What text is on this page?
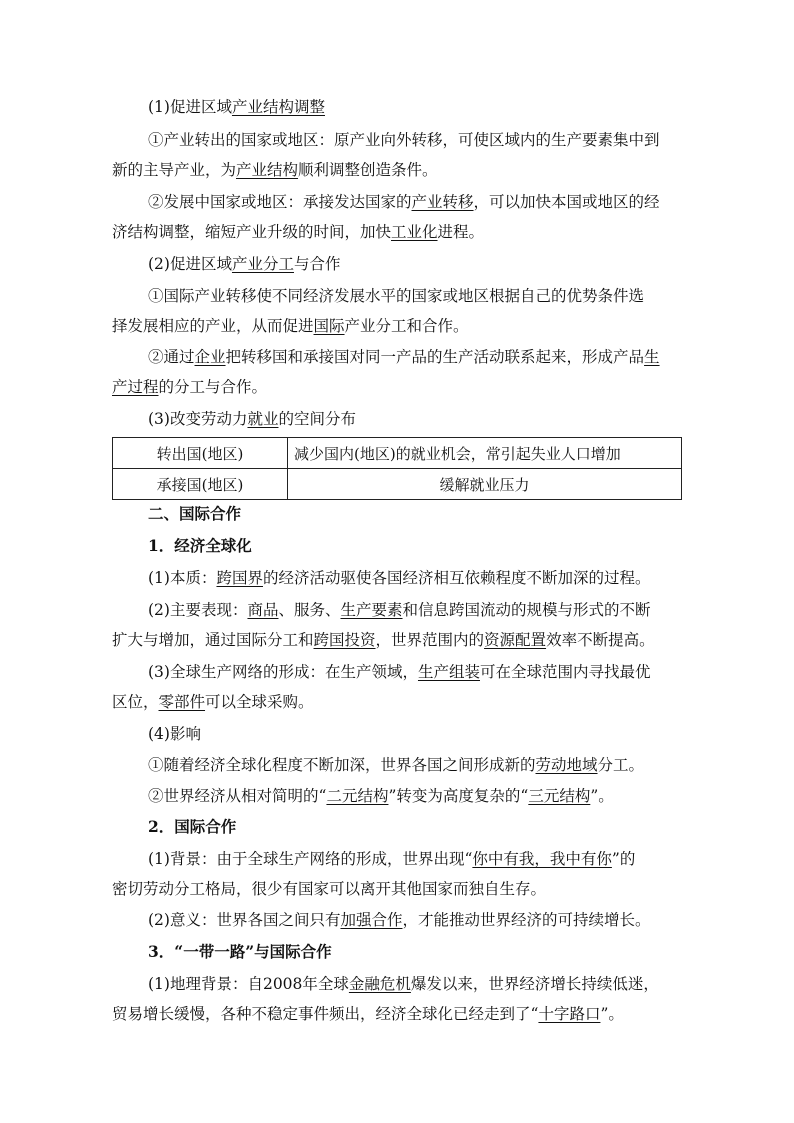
(1)促进区域产业结构调整
①产业转出的国家或地区：原产业向外转移，可使区域内的生产要素集中到
新的主导产业，为产业结构顺利调整创造条件。
②发展中国家或地区：承接发达国家的产业转移，可以加快本国或地区的经
济结构调整，缩短产业升级的时间，加快工业化进程。
(2)促进区域产业分工与合作
①国际产业转移使不同经济发展水平的国家或地区根据自己的优势条件选
择发展相应的产业，从而促进国际产业分工和合作。
②通过企业把转移国和承接国对同一产品的生产活动联系起来，形成产品生
产过程的分工与合作。
(3)改变劳动力就业的空间分布
转出国(地区)	减少国内(地区)的就业机会，常引起失业人口增加
承接国(地区)	缓解就业压力
二、国际合作
1．经济全球化
(1)本质：跨国界的经济活动驱使各国经济相互依赖程度不断加深的过程。
(2)主要表现：商品、服务、生产要素和信息跨国流动的规模与形式的不断
扩大与增加，通过国际分工和跨国投资，世界范围内的资源配置效率不断提高。
(3)全球生产网络的形成：在生产领域，生产组装可在全球范围内寻找最优
区位，零部件可以全球采购。
(4)影响
①随着经济全球化程度不断加深，世界各国之间形成新的劳动地域分工。
②世界经济从相对简明的“二元结构”转变为高度复杂的“三元结构”。
2．国际合作
(1)背景：由于全球生产网络的形成，世界出现“你中有我，我中有你”的
密切劳动分工格局，很少有国家可以离开其他国家而独自生存。
(2)意义：世界各国之间只有加强合作，才能推动世界经济的可持续增长。
3．“一带一路”与国际合作
(1)地理背景：自2008年全球金融危机爆发以来，世界经济增长持续低迷，
贸易增长缓慢，各种不稳定事件频出，经济全球化已经走到了“十字路口”。
